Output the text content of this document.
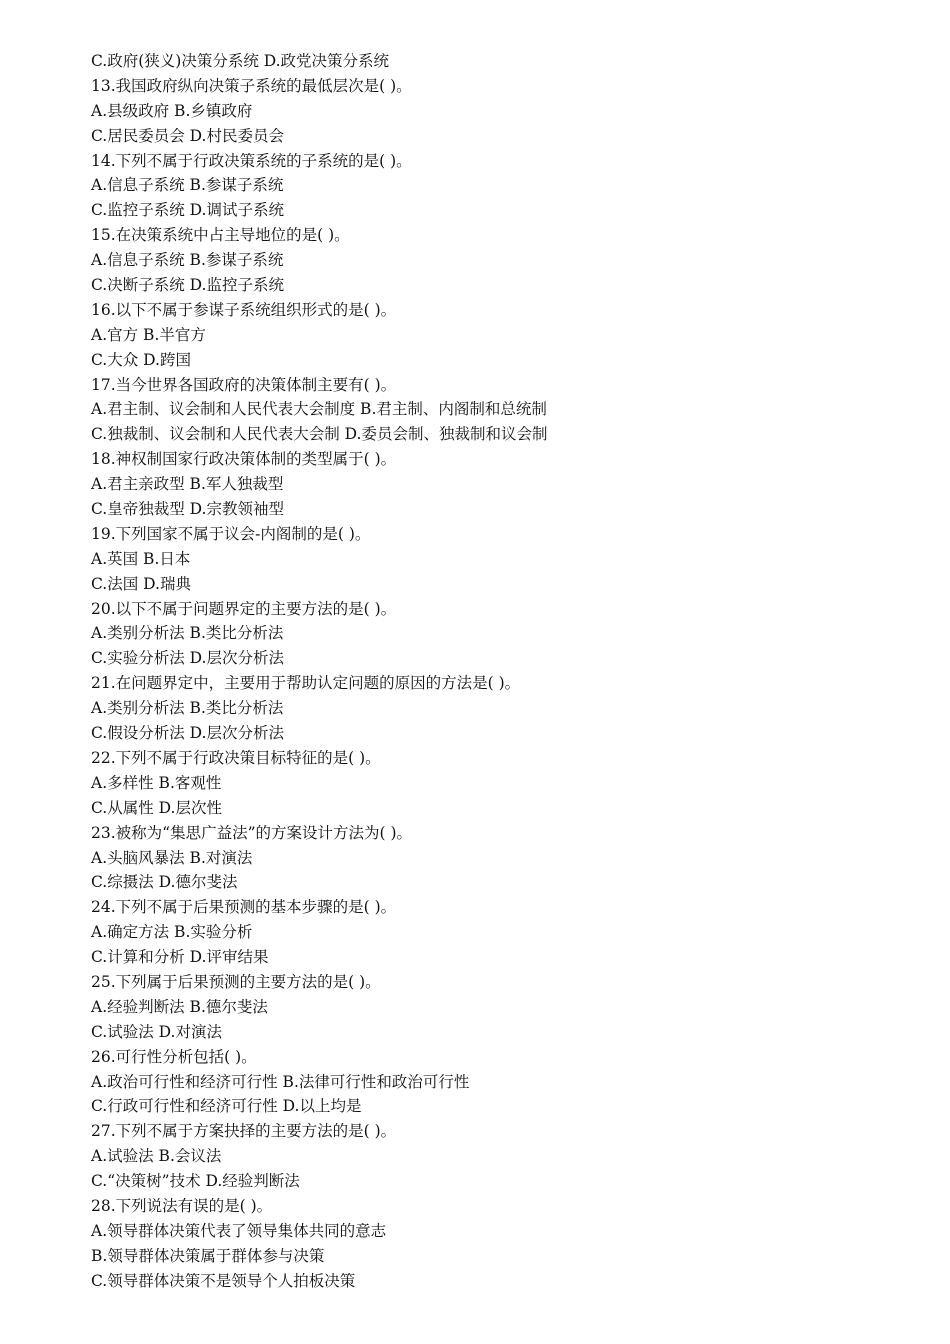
C.政府(狭义)决策分系统 D.政党决策分系统
13.我国政府纵向决策子系统的最低层次是( )。
A.县级政府 B.乡镇政府
C.居民委员会 D.村民委员会
14.下列不属于行政决策系统的子系统的是( )。
A.信息子系统 B.参谋子系统
C.监控子系统 D.调试子系统
15.在决策系统中占主导地位的是( )。
A.信息子系统 B.参谋子系统
C.决断子系统 D.监控子系统
16.以下不属于参谋子系统组织形式的是( )。
A.官方 B.半官方
C.大众 D.跨国
17.当今世界各国政府的决策体制主要有( )。
A.君主制、议会制和人民代表大会制度 B.君主制、内阁制和总统制
C.独裁制、议会制和人民代表大会制 D.委员会制、独裁制和议会制
18.神权制国家行政决策体制的类型属于( )。
A.君主亲政型 B.军人独裁型
C.皇帝独裁型 D.宗教领袖型
19.下列国家不属于议会-内阁制的是( )。
A.英国 B.日本
C.法国 D.瑞典
20.以下不属于问题界定的主要方法的是( )。
A.类别分析法 B.类比分析法
C.实验分析法 D.层次分析法
21.在问题界定中，主要用于帮助认定问题的原因的方法是( )。
A.类别分析法 B.类比分析法
C.假设分析法 D.层次分析法
22.下列不属于行政决策目标特征的是( )。
A.多样性 B.客观性
C.从属性 D.层次性
23.被称为“集思广益法”的方案设计方法为( )。
A.头脑风暴法 B.对演法
C.综摄法 D.德尔斐法
24.下列不属于后果预测的基本步骤的是( )。
A.确定方法 B.实验分析
C.计算和分析 D.评审结果
25.下列属于后果预测的主要方法的是( )。
A.经验判断法 B.德尔斐法
C.试验法 D.对演法
26.可行性分析包括( )。
A.政治可行性和经济可行性 B.法律可行性和政治可行性
C.行政可行性和经济可行性 D.以上均是
27.下列不属于方案抉择的主要方法的是( )。
A.试验法 B.会议法
C.“决策树”技术 D.经验判断法
28.下列说法有误的是( )。
A.领导群体决策代表了领导集体共同的意志
B.领导群体决策属于群体参与决策
C.领导群体决策不是领导个人拍板决策
